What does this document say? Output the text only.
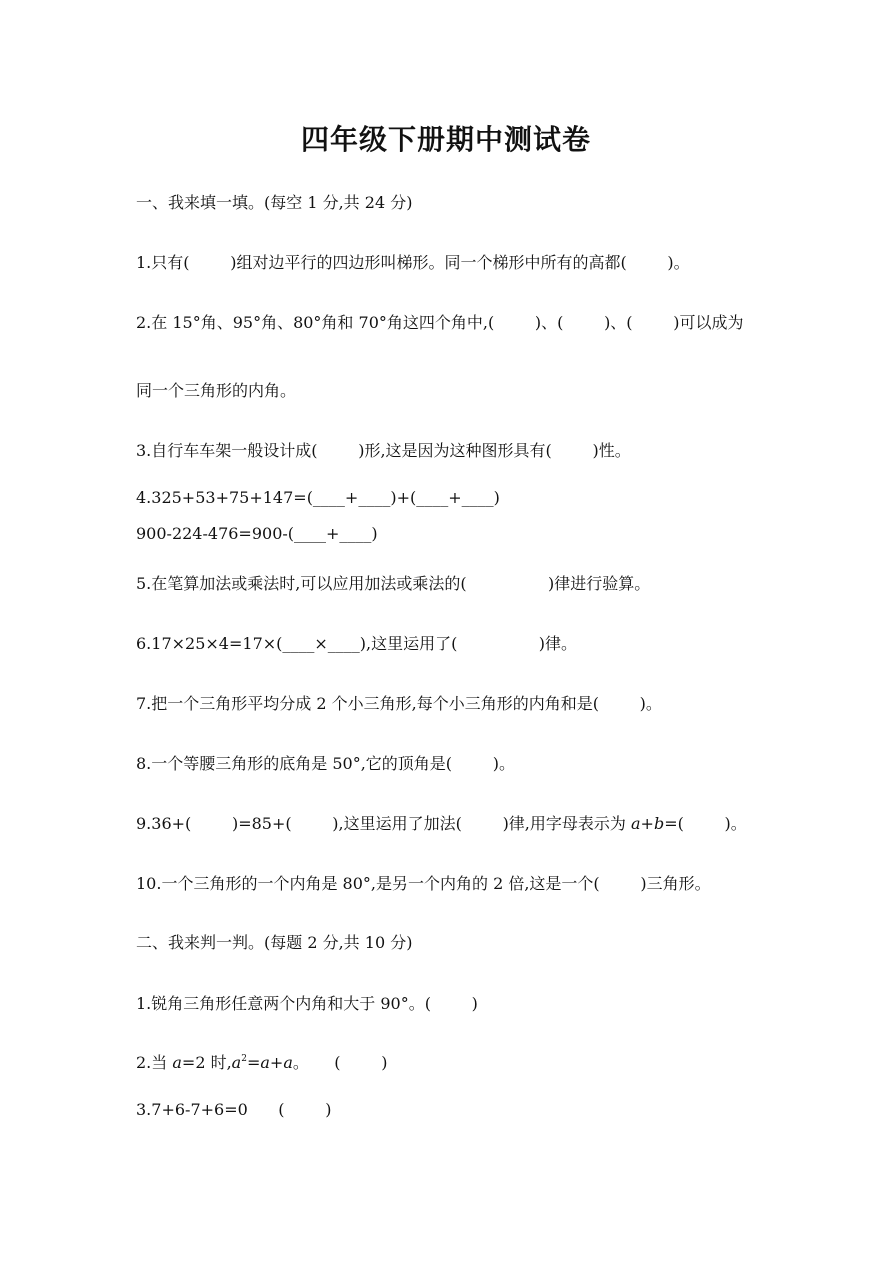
四年级下册期中测试卷
一、我来填一填。(每空 1 分,共 24 分)
1.只有(        )组对边平行的四边形叫梯形。同一个梯形中所有的高都(        )。
2.在 15°角、95°角、80°角和 70°角这四个角中,(        )、(        )、(        )可以成为
同一个三角形的内角。
3.自行车车架一般设计成(        )形,这是因为这种图形具有(        )性。
4.325+53+75+147=(____+____)+(____+____)
900-224-476=900-(____+____)
5.在笔算加法或乘法时,可以应用加法或乘法的(                )律进行验算。
6.17×25×4=17×(____×____),这里运用了(                )律。
7.把一个三角形平均分成 2 个小三角形,每个小三角形的内角和是(        )。
8.一个等腰三角形的底角是 50°,它的顶角是(        )。
9.36+(        )=85+(        ),这里运用了加法(        )律,用字母表示为 a+b=(        )。
10.一个三角形的一个内角是 80°,是另一个内角的 2 倍,这是一个(        )三角形。
二、我来判一判。(每题 2 分,共 10 分)
1.锐角三角形任意两个内角和大于 90°。(        )
2.当 a=2 时$,a^2=a+a$。     (        )
3.7+6-7+6=0      (        )
